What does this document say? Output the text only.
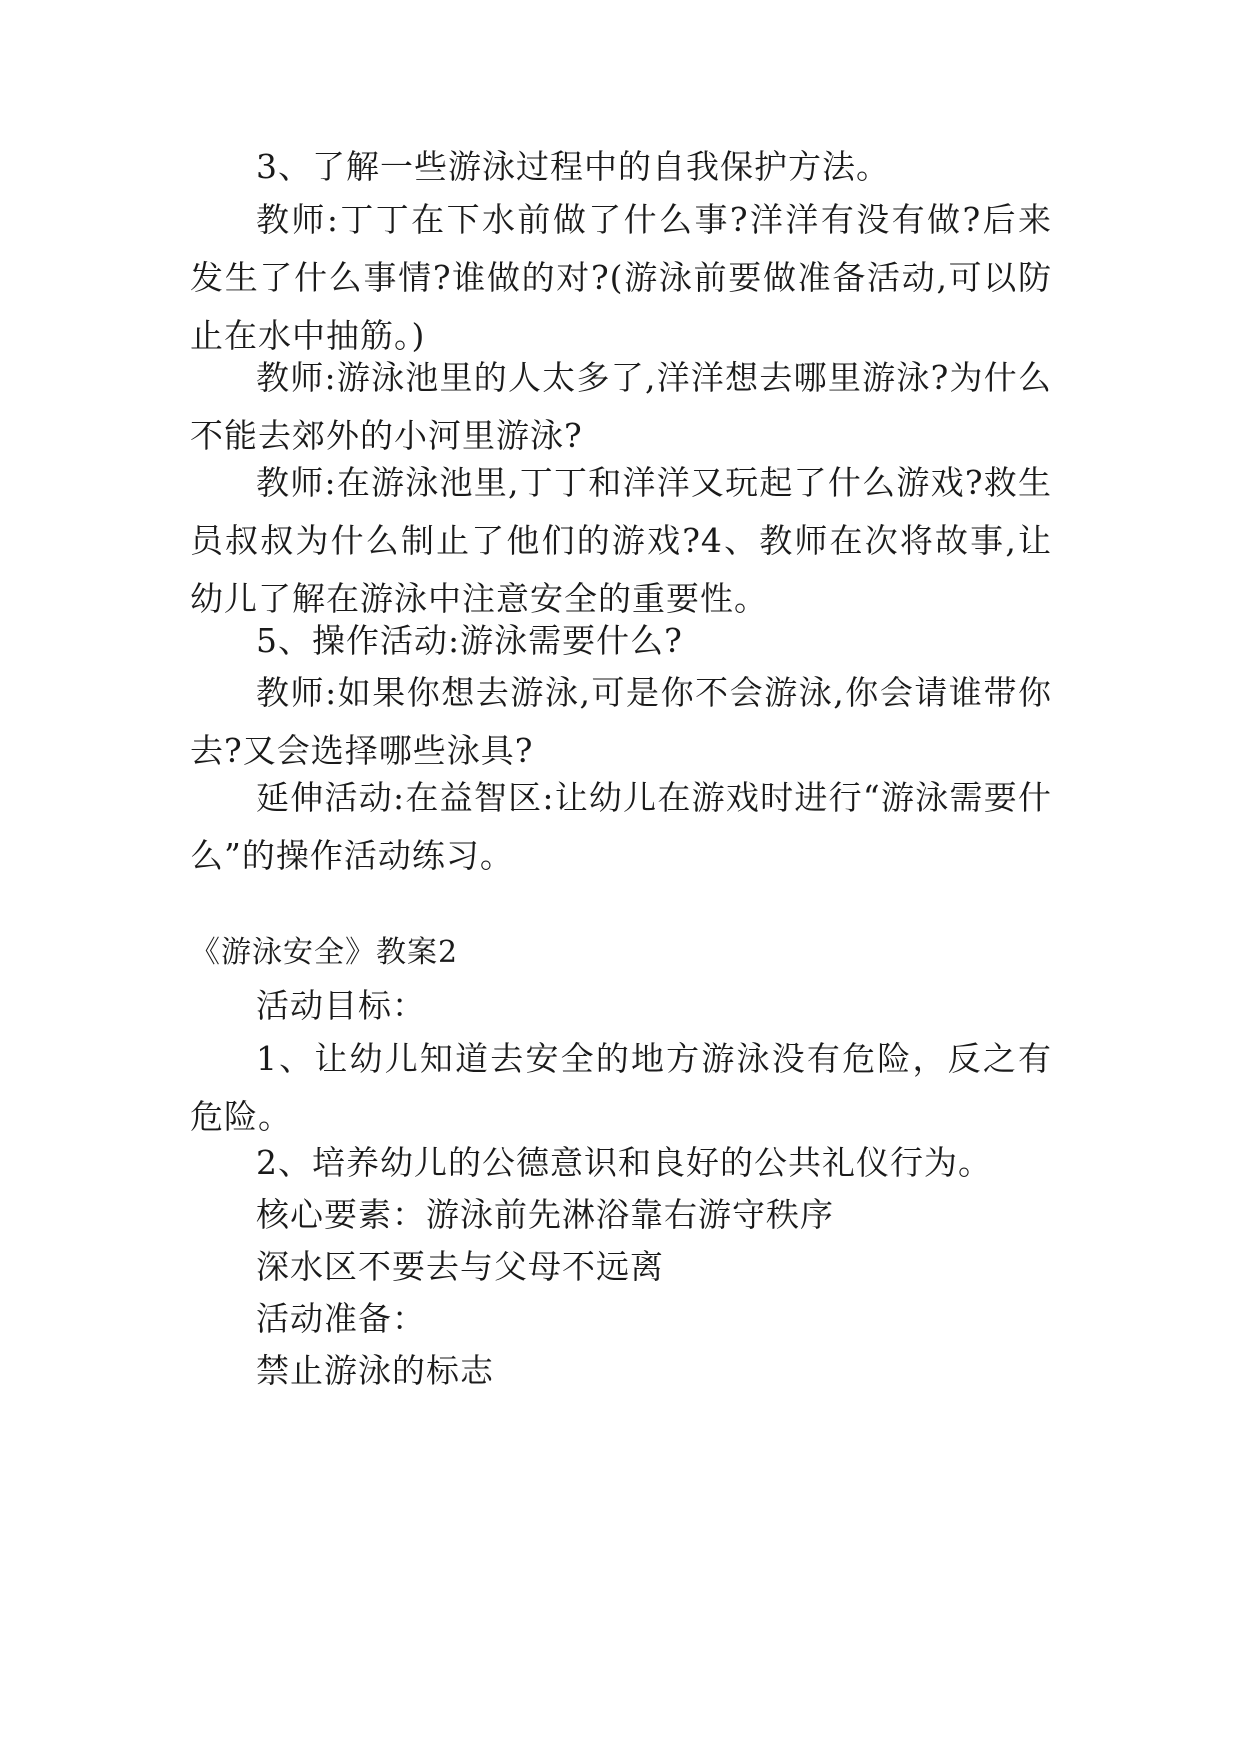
3、了解一些游泳过程中的自我保护方法。
教师:丁丁在下水前做了什么事?洋洋有没有做?后来发生了什么事情?谁做的对?(游泳前要做准备活动,可以防止在水中抽筋。)
教师:游泳池里的人太多了,洋洋想去哪里游泳?为什么不能去郊外的小河里游泳?
教师:在游泳池里,丁丁和洋洋又玩起了什么游戏?救生员叔叔为什么制止了他们的游戏?4、教师在次将故事,让幼儿了解在游泳中注意安全的重要性。
5、操作活动:游泳需要什么?
教师:如果你想去游泳,可是你不会游泳,你会请谁带你去?又会选择哪些泳具?
延伸活动:在益智区:让幼儿在游戏时进行“游泳需要什么”的操作活动练习。
《游泳安全》教案2
活动目标：
1、让幼儿知道去安全的地方游泳没有危险，反之有危险。
2、培养幼儿的公德意识和良好的公共礼仪行为。
核心要素：游泳前先淋浴靠右游守秩序
深水区不要去与父母不远离
活动准备：
禁止游泳的标志
